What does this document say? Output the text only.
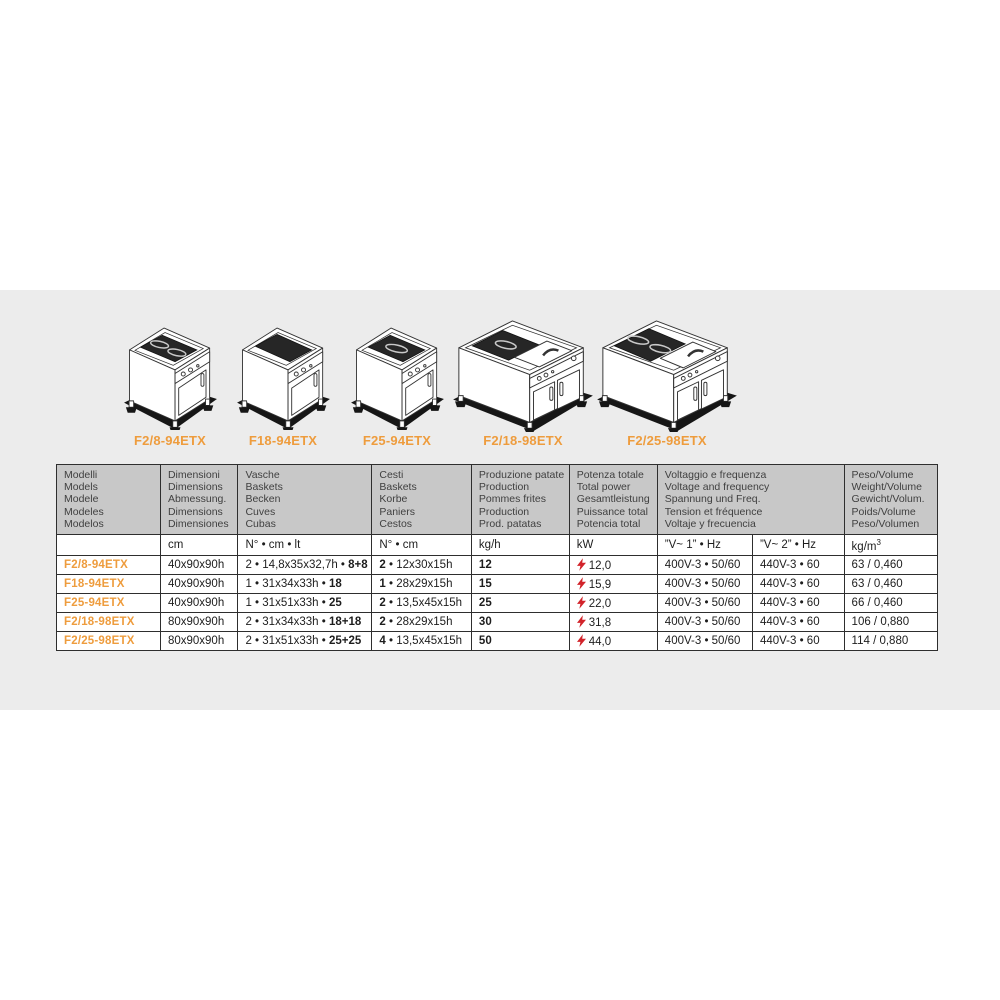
F2/8-94ETX	F18-94ETX	F25-94ETX	F2/18-98ETX	F2/25-98ETX
Modelli
Models
Modele
Modeles
Modelos

Dimensioni
Dimensions
Abmessung.
Dimensions
Dimensiones

Vasche
Baskets
Becken
Cuves
Cubas

Cesti
Baskets
Korbe
Paniers
Cestos

Produzione patate
Production
Pommes frites
Production
Prod. patatas

Potenza totale
Total power
Gesamtleistung
Puissance total
Potencia total

Voltaggio e frequenza
Voltage and frequency
Spannung und Freq.
Tension et fréquence
Voltaje y frecuencia

Peso/Volume
Weight/Volume
Gewicht/Volum.
Poids/Volume
Peso/Volumen

	cm	N° • cm • lt	N° • cm	kg/h	kW	”V~ 1” • Hz	”V~ 2” • Hz	$kg/m^3$
F2/8-94ETX	40x90x90h	2 • 14,8x35x32,7h • 8+8	2 • 12x30x15h	12	12,0	400V-3 • 50/60	440V-3 • 60	63 / 0,460
F18-94ETX	40x90x90h	1 • 31x34x33h • 18	1 • 28x29x15h	15	15,9	400V-3 • 50/60	440V-3 • 60	63 / 0,460
F25-94ETX	40x90x90h	1 • 31x51x33h • 25	2 • 13,5x45x15h	25	22,0	400V-3 • 50/60	440V-3 • 60	66 / 0,460
F2/18-98ETX	80x90x90h	2 • 31x34x33h • 18+18	2 • 28x29x15h	30	31,8	400V-3 • 50/60	440V-3 • 60	106 / 0,880
F2/25-98ETX	80x90x90h	2 • 31x51x33h • 25+25	4 • 13,5x45x15h	50	44,0	400V-3 • 50/60	440V-3 • 60	114 / 0,880
